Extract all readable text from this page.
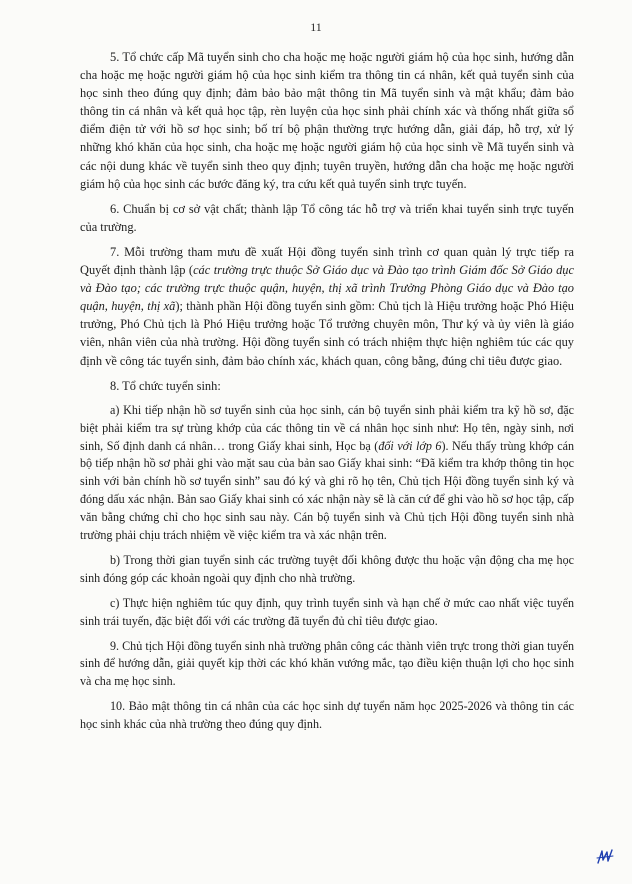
11

5. Tổ chức cấp Mã tuyển sinh cho cha hoặc mẹ hoặc người giám hộ của học sinh, hướng dẫn cha hoặc mẹ hoặc người giám hộ của học sinh kiểm tra thông tin cá nhân, kết quả tuyển sinh của học sinh theo đúng quy định; đảm bảo bảo mật thông tin Mã tuyển sinh và mật khẩu; đảm bảo thông tin cá nhân và kết quả học tập, rèn luyện của học sinh phải chính xác và thống nhất giữa sổ điểm điện tử với hồ sơ học sinh; bố trí bộ phận thường trực hướng dẫn, giải đáp, hỗ trợ, xử lý những khó khăn của học sinh, cha hoặc mẹ hoặc người giám hộ của học sinh về Mã tuyển sinh và các nội dung khác về tuyển sinh theo quy định; tuyên truyền, hướng dẫn cha hoặc mẹ hoặc người giám hộ của học sinh các bước đăng ký, tra cứu kết quả tuyển sinh trực tuyến.

6. Chuẩn bị cơ sở vật chất; thành lập Tổ công tác hỗ trợ và triển khai tuyển sinh trực tuyến của trường.

7. Mỗi trường tham mưu đề xuất Hội đồng tuyển sinh trình cơ quan quản lý trực tiếp ra Quyết định thành lập (các trường trực thuộc Sở Giáo dục và Đào tạo trình Giám đốc Sở Giáo dục và Đào tạo; các trường trực thuộc quận, huyện, thị xã trình Trưởng Phòng Giáo dục và Đào tạo quận, huyện, thị xã); thành phần Hội đồng tuyển sinh gồm: Chủ tịch là Hiệu trưởng hoặc Phó Hiệu trưởng, Phó Chủ tịch là Phó Hiệu trưởng hoặc Tổ trưởng chuyên môn, Thư ký và ủy viên là giáo viên, nhân viên của nhà trường. Hội đồng tuyển sinh có trách nhiệm thực hiện nghiêm túc các quy định về công tác tuyển sinh, đảm bảo chính xác, khách quan, công bằng, đúng chỉ tiêu được giao.

8. Tổ chức tuyển sinh:

a) Khi tiếp nhận hồ sơ tuyển sinh của học sinh, cán bộ tuyển sinh phải kiểm tra kỹ hồ sơ, đặc biệt phải kiểm tra sự trùng khớp của các thông tin về cá nhân học sinh như: Họ tên, ngày sinh, nơi sinh, Số định danh cá nhân… trong Giấy khai sinh, Học bạ (đối với lớp 6). Nếu thấy trùng khớp cán bộ tiếp nhận hồ sơ phải ghi vào mặt sau của bản sao Giấy khai sinh: “Đã kiểm tra khớp thông tin học sinh với bản chính hồ sơ tuyển sinh” sau đó ký và ghi rõ họ tên, Chủ tịch Hội đồng tuyển sinh ký và đóng dấu xác nhận. Bản sao Giấy khai sinh có xác nhận này sẽ là căn cứ để ghi vào hồ sơ học tập, cấp văn bằng chứng chỉ cho học sinh sau này. Cán bộ tuyển sinh và Chủ tịch Hội đồng tuyển sinh nhà trường phải chịu trách nhiệm về việc kiểm tra và xác nhận trên.

b) Trong thời gian tuyển sinh các trường tuyệt đối không được thu hoặc vận động cha mẹ học sinh đóng góp các khoản ngoài quy định cho nhà trường.

c) Thực hiện nghiêm túc quy định, quy trình tuyển sinh và hạn chế ở mức cao nhất việc tuyển sinh trái tuyến, đặc biệt đối với các trường đã tuyển đủ chỉ tiêu được giao.

9. Chủ tịch Hội đồng tuyển sinh nhà trường phân công các thành viên trực trong thời gian tuyển sinh để hướng dẫn, giải quyết kịp thời các khó khăn vướng mắc, tạo điều kiện thuận lợi cho học sinh và cha mẹ học sinh.

10. Bảo mật thông tin cá nhân của các học sinh dự tuyển năm học 2025-2026 và thông tin các học sinh khác của nhà trường theo đúng quy định.
